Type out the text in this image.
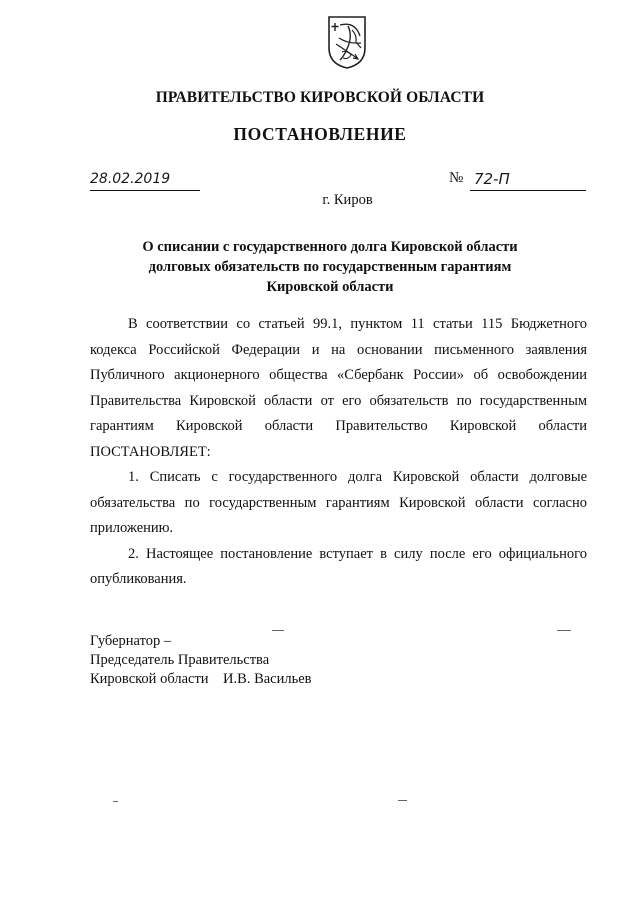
ПРАВИТЕЛЬСТВО КИРОВСКОЙ ОБЛАСТИ
ПОСТАНОВЛЕНИЕ
28.02.2019	№ 72-П
г. Киров
О списании с государственного долга Кировской области
долговых обязательств по государственным гарантиям
Кировской области

В соответствии со статьей 99.1, пунктом 11 статьи 115 Бюджетного кодекса Российской Федерации и на основании письменного заявления Публичного акционерного общества «Сбербанк России» об освобождении Правительства Кировской области от его обязательств по государственным гарантиям Кировской области Правительство Кировской области

ПОСТАНОВЛЯЕТ:

1. Списать с государственного долга Кировской области долговые обязательства по государственным гарантиям Кировской области согласно приложению.

2. Настоящее постановление вступает в силу после его официального опубликования.

Губернатор –
Председатель Правительства
Кировской области И.В. Васильев
